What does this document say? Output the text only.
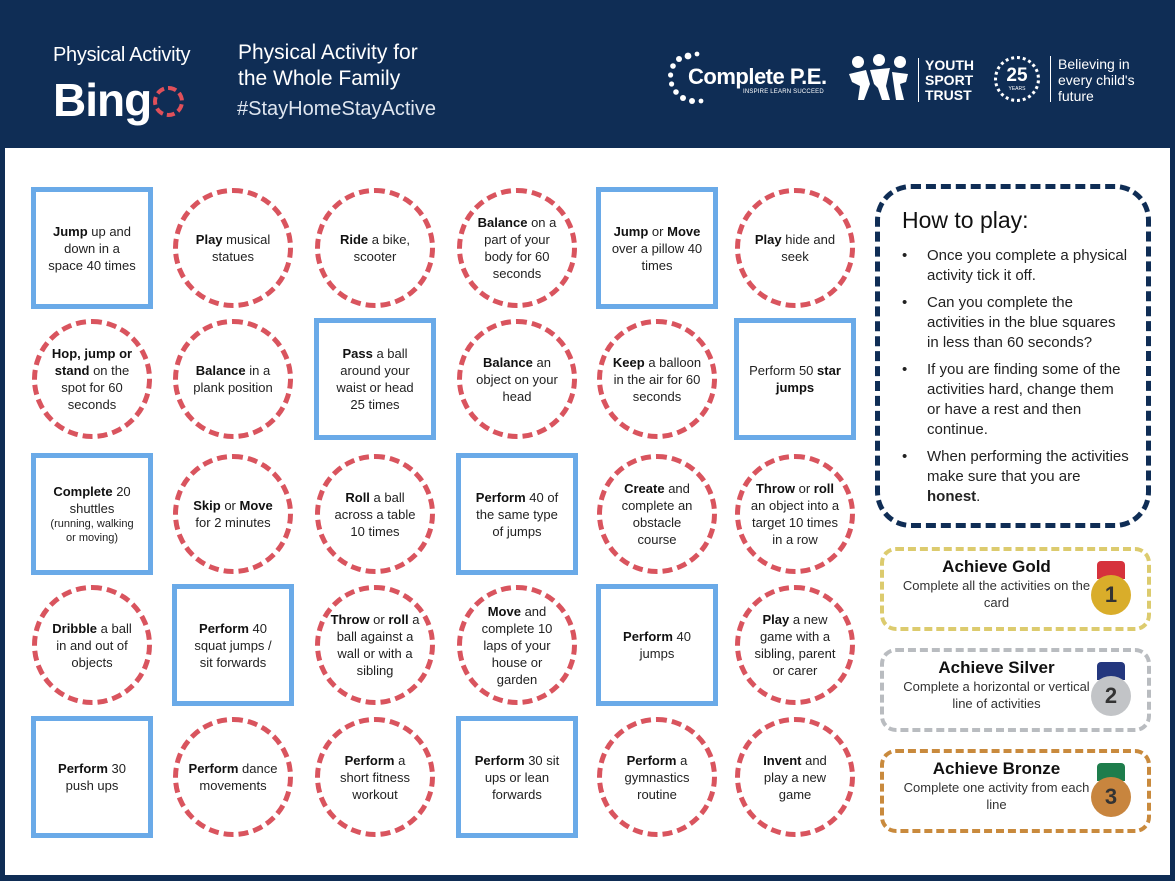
Physical Activity
Bing
Physical Activity for
the Whole Family
#StayHomeStayActive
Complete P.E.
INSPIRE LEARN SUCCEED
YOUTH
SPORT
TRUST
25
YEARS
Believing in
every child's
future
Jump up and down in a space 40 times
Play musical statues
Ride a bike, scooter
Balance on a part of your body for 60 seconds
Jump or Move over a pillow 40 times
Play hide and seek
Hop, jump or stand on the spot for 60 seconds
Balance in a plank position
Pass a ball around your waist or head 25 times
Balance an object on your head
Keep a balloon in the air for 60 seconds
Perform 50 star jumps
Complete 20 shuttles
(running, walking or moving)
Skip or Move for 2 minutes
Roll a ball across a table 10 times
Perform 40 of the same type of jumps
Create and complete an obstacle course
Throw or roll an object into a target 10 times in a row
Dribble a ball in and out of objects
Perform 40 squat jumps / sit forwards
Throw or roll a ball against a wall or with a sibling
Move and complete 10 laps of your house or garden
Perform 40 jumps
Play a new game with a sibling, parent or carer
Perform 30 push ups
Perform dance movements
Perform a short fitness workout
Perform 30 sit ups or lean forwards
Perform a gymnastics routine
Invent and play a new game
How to play:
• Once you complete a physical activity tick it off.
• Can you complete the activities in the blue squares in less than 60 seconds?
• If you are finding some of the activities hard, change them or have a rest and then continue.
• When performing the activities make sure that you are honest.
Achieve Gold

Complete all the activities on the card	1
Achieve Silver

Complete a horizontal or vertical line of activities	2
Achieve Bronze

Complete one activity from each line	3
